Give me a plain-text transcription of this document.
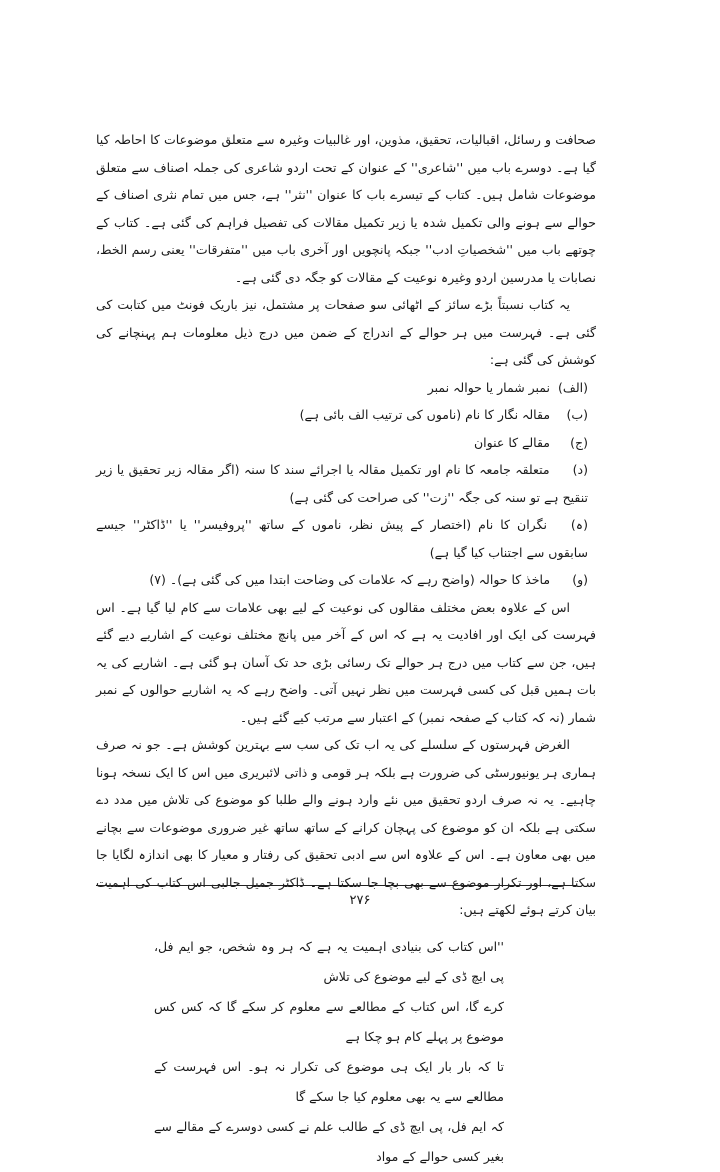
صحافت و رسائل، اقبالیات، تحقیق، مذوین، اور غالبیات وغیرہ سے متعلق موضوعات کا احاطہ کیا گیا ہے۔ دوسرے باب میں ''شاعری'' کے عنوان کے تحت اردو شاعری کی جملہ اصناف سے متعلق موضوعات شامل ہیں۔ کتاب کے تیسرے باب کا عنوان ''نثر'' ہے، جس میں تمام نثری اصناف کے حوالے سے ہونے والی تکمیل شدہ یا زیر تکمیل مقالات کی تفصیل فراہم کی گئی ہے۔ کتاب کے چوتھے باب میں ''شخصیاتِ ادب'' جبکہ پانچویں اور آخری باب میں ''متفرقات'' یعنی رسم الخط، نصابات یا مدرسین اردو وغیرہ نوعیت کے مقالات کو جگہ دی گئی ہے۔

یہ کتاب نسبتاً بڑے سائز کے اٹھائی سو صفحات پر مشتمل، نیز باریک فونٹ میں کتابت کی گئی ہے۔ فہرست میں ہر حوالے کے اندراج کے ضمن میں درج ذیل معلومات ہم پہنچانے کی کوشش کی گئی ہے:

(الف) نمبر شمار یا حوالہ نمبر
(ب) مقالہ نگار کا نام (ناموں کی ترتیب الف بائی ہے)
(ج) مقالے کا عنوان
(د) متعلقہ جامعہ کا نام اور تکمیل مقالہ یا اجرائے سند کا سنہ (اگر مقالہ زیر تحقیق یا زیر تنقیح ہے تو سنہ کی جگہ ''زت'' کی صراحت کی گئی ہے)
(ہ) نگران کا نام (اختصار کے پیش نظر، ناموں کے ساتھ ''پروفیسر'' یا ''ڈاکٹر'' جیسے سابقوں سے اجتناب کیا گیا ہے)
(و) ماخذ کا حوالہ (واضح رہے کہ علامات کی وضاحت ابتدا میں کی گئی ہے)۔ (۷)

اس کے علاوہ بعض مختلف مقالوں کی نوعیت کے لیے بھی علامات سے کام لیا گیا ہے۔ اس فہرست کی ایک اور افادیت یہ ہے کہ اس کے آخر میں پانچ مختلف نوعیت کے اشاریے دیے گئے ہیں، جن سے کتاب میں درج ہر حوالے تک رسائی بڑی حد تک آسان ہو گئی ہے۔ اشاریے کی یہ بات ہمیں قبل کی کسی فہرست میں نظر نہیں آتی۔ واضح رہے کہ یہ اشاریے حوالوں کے نمبر شمار (نہ کہ کتاب کے صفحہ نمبر) کے اعتبار سے مرتب کیے گئے ہیں۔

الغرض فہرستوں کے سلسلے کی یہ اب تک کی سب سے بہترین کوشش ہے۔ جو نہ صرف ہماری ہر یونیورسٹی کی ضرورت ہے بلکہ ہر قومی و ذاتی لائبریری میں اس کا ایک نسخہ ہونا چاہیے۔ یہ نہ صرف اردو تحقیق میں نئے وارد ہونے والے طلبا کو موضوع کی تلاش میں مدد دے سکتی ہے بلکہ ان کو موضوع کی پہچان کرانے کے ساتھ ساتھ غیر ضروری موضوعات سے بچانے میں بھی معاون ہے۔ اس کے علاوہ اس سے ادبی تحقیق کی رفتار و معیار کا بھی اندازہ لگایا جا سکتا ہے، اور تکرار موضوع سے بھی بچا جا سکتا ہے۔ ڈاکٹر جمیل جالبی اس کتاب کی اہمیت بیان کرتے ہوئے لکھتے ہیں:

''اس کتاب کی بنیادی اہمیت یہ ہے کہ ہر وہ شخص، جو ایم فل، پی ایچ ڈی کے لیے موضوع کی تلاش
کرے گا، اس کتاب کے مطالعے سے معلوم کر سکے گا کہ کس کس موضوع پر پہلے کام ہو چکا ہے
تا کہ بار بار ایک ہی موضوع کی تکرار نہ ہو۔ اس فہرست کے مطالعے سے یہ بھی معلوم کیا جا سکے گا
کہ ایم فل، پی ایچ ڈی کے طالب علم نے کسی دوسرے کے مقالے سے بغیر کسی حوالے کے مواد
۲۷۶
